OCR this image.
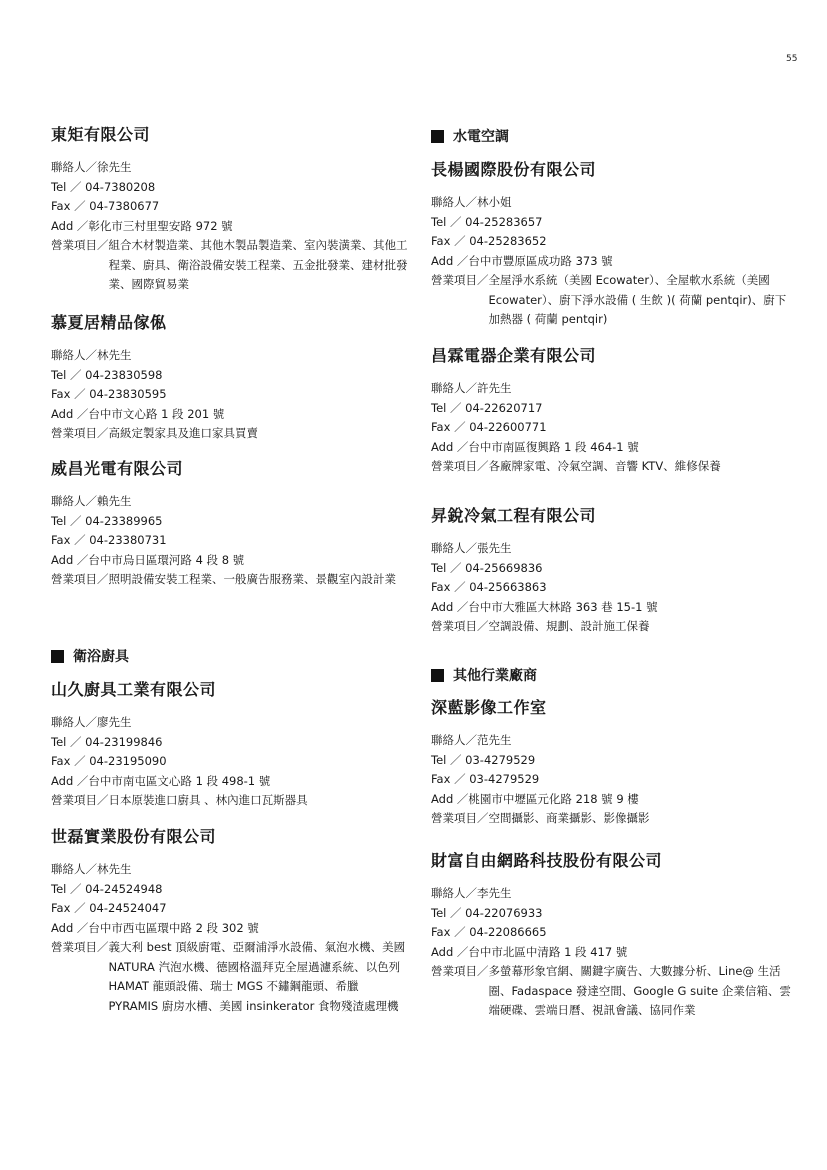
55
東矩有限公司

聯絡人／徐先生

Tel ／ 04-7380208

Fax ／ 04-7380677

Add ／彰化市三村里聖安路 972 號

營業項目／ 組合木材製造業、其他木製品製造業、室內裝潢業、其他工程業、廚具、衛浴設備安裝工程業、五金批發業、建材批發業、國際貿易業
慕夏居精品傢俬

聯絡人／林先生

Tel ／ 04-23830598

Fax ／ 04-23830595

Add ／台中市文心路 1 段 201 號

營業項目／ 高級定製家具及進口家具買賣
威昌光電有限公司

聯絡人／賴先生

Tel ／ 04-23389965

Fax ／ 04-23380731

Add ／台中市烏日區環河路 4 段 8 號

營業項目／ 照明設備安裝工程業、一般廣告服務業、景觀室內設計業
衛浴廚具
山久廚具工業有限公司

聯絡人／廖先生

Tel ／ 04-23199846

Fax ／ 04-23195090

Add ／台中市南屯區文心路 1 段 498-1 號

營業項目／ 日本原裝進口廚具 、林內進口瓦斯器具
世磊實業股份有限公司

聯絡人／林先生

Tel ／ 04-24524948

Fax ／ 04-24524047

Add ／台中市西屯區環中路 2 段 302 號

營業項目／ 義大利 best 頂級廚電、亞爾浦淨水設備、氣泡水機、美國 NATURA 汽泡水機、德國格溫拜克全屋過濾系統、以色列 HAMAT 龍頭設備、瑞士 MGS 不鏽鋼龍頭、希臘 PYRAMIS 廚房水槽、美國 insinkerator 食物殘渣處理機
水電空調
長楊國際股份有限公司

聯絡人／林小姐

Tel ／ 04-25283657

Fax ／ 04-25283652

Add ／台中市豐原區成功路 373 號

營業項目／ 全屋淨水系統（美國 Ecowater）、全屋軟水系統（美國 Ecowater）、廚下淨水設備 ( 生飲 )( 荷蘭 pentqir)、廚下加熱器 ( 荷蘭 pentqir)
昌霖電器企業有限公司

聯絡人／許先生

Tel ／ 04-22620717

Fax ／ 04-22600771

Add ／台中市南區復興路 1 段 464-1 號

營業項目／ 各廠牌家電、冷氣空調、音響 KTV、維修保養
昇銳冷氣工程有限公司

聯絡人／張先生

Tel ／ 04-25669836

Fax ／ 04-25663863

Add ／台中市大雅區大林路 363 巷 15-1 號

營業項目／ 空調設備、規劃、設計施工保養
其他行業廠商
深藍影像工作室

聯絡人／范先生

Tel ／ 03-4279529

Fax ／ 03-4279529

Add ／桃園市中壢區元化路 218 號 9 樓

營業項目／ 空間攝影、商業攝影、影像攝影
財富自由網路科技股份有限公司

聯絡人／李先生

Tel ／ 04-22076933

Fax ／ 04-22086665

Add ／台中市北區中清路 1 段 417 號

營業項目／ 多螢幕形象官網、關鍵字廣告、大數據分析、Line@ 生活圈、Fadaspace 發達空間、Google G suite 企業信箱、雲端硬碟、雲端日曆、視訊會議、協同作業
